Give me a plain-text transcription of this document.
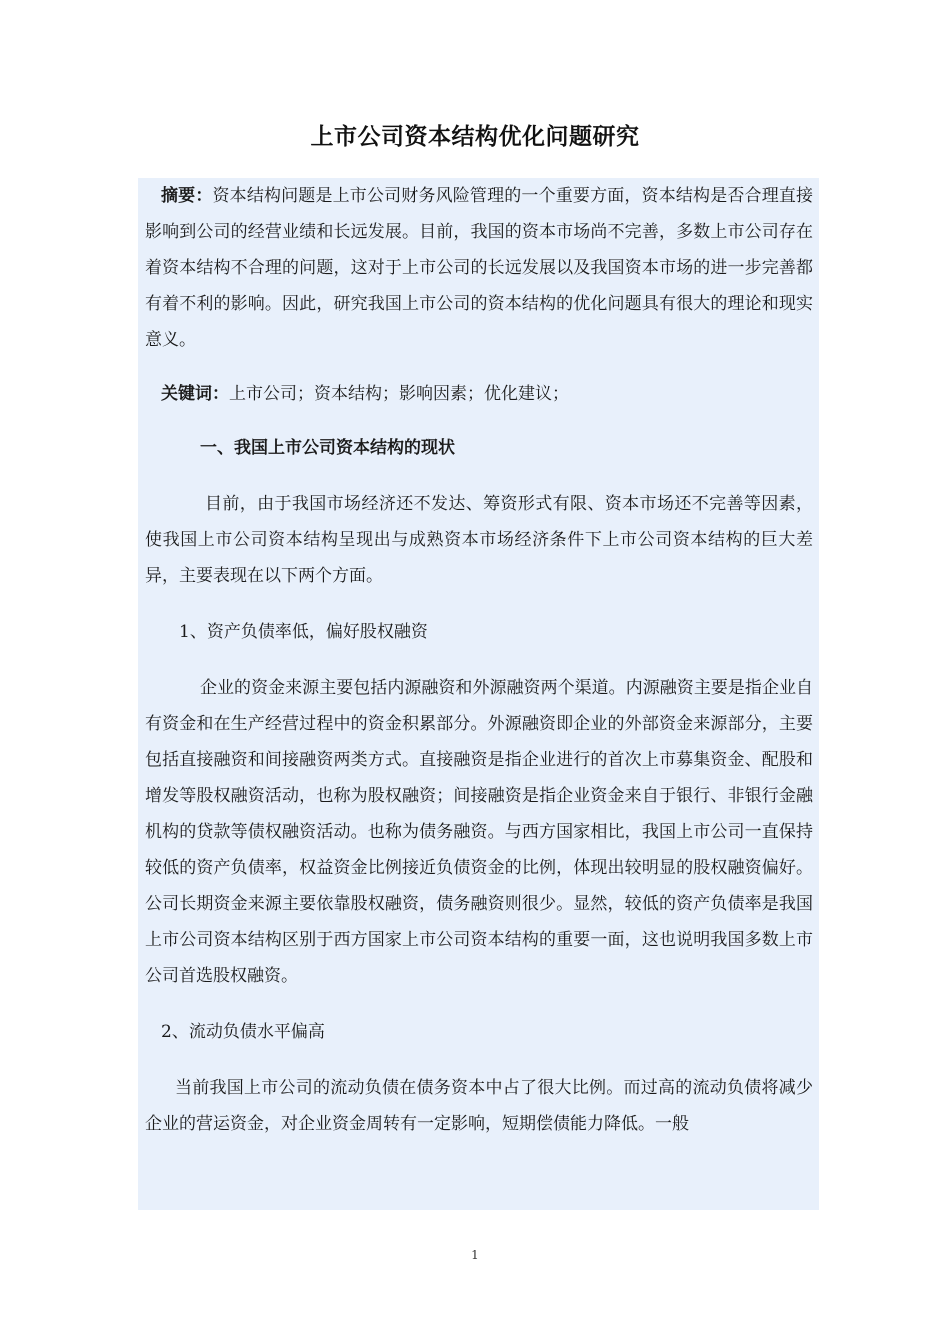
上市公司资本结构优化问题研究

摘要：资本结构问题是上市公司财务风险管理的一个重要方面，资本结构是否合理直接影响到公司的经营业绩和长远发展。目前，我国的资本市场尚不完善，多数上市公司存在着资本结构不合理的问题，这对于上市公司的长远发展以及我国资本市场的进一步完善都有着不利的影响。因此，研究我国上市公司的资本结构的优化问题具有很大的理论和现实意义。

关键词：上市公司；资本结构；影响因素；优化建议；

一、我国上市公司资本结构的现状

目前，由于我国市场经济还不发达、筹资形式有限、资本市场还不完善等因素，使我国上市公司资本结构呈现出与成熟资本市场经济条件下上市公司资本结构的巨大差异，主要表现在以下两个方面。

1、资产负债率低，偏好股权融资

企业的资金来源主要包括内源融资和外源融资两个渠道。内源融资主要是指企业自有资金和在生产经营过程中的资金积累部分。外源融资即企业的外部资金来源部分，主要包括直接融资和间接融资两类方式。直接融资是指企业进行的首次上市募集资金、配股和增发等股权融资活动，也称为股权融资；间接融资是指企业资金来自于银行、非银行金融机构的贷款等债权融资活动。也称为债务融资。与西方国家相比，我国上市公司一直保持较低的资产负债率，权益资金比例接近负债资金的比例，体现出较明显的股权融资偏好。公司长期资金来源主要依靠股权融资，债务融资则很少。显然，较低的资产负债率是我国上市公司资本结构区别于西方国家上市公司资本结构的重要一面，这也说明我国多数上市公司首选股权融资。

2、流动负债水平偏高

当前我国上市公司的流动负债在债务资本中占了很大比例。而过高的流动负债将减少企业的营运资金，对企业资金周转有一定影响，短期偿债能力降低。一般

1
